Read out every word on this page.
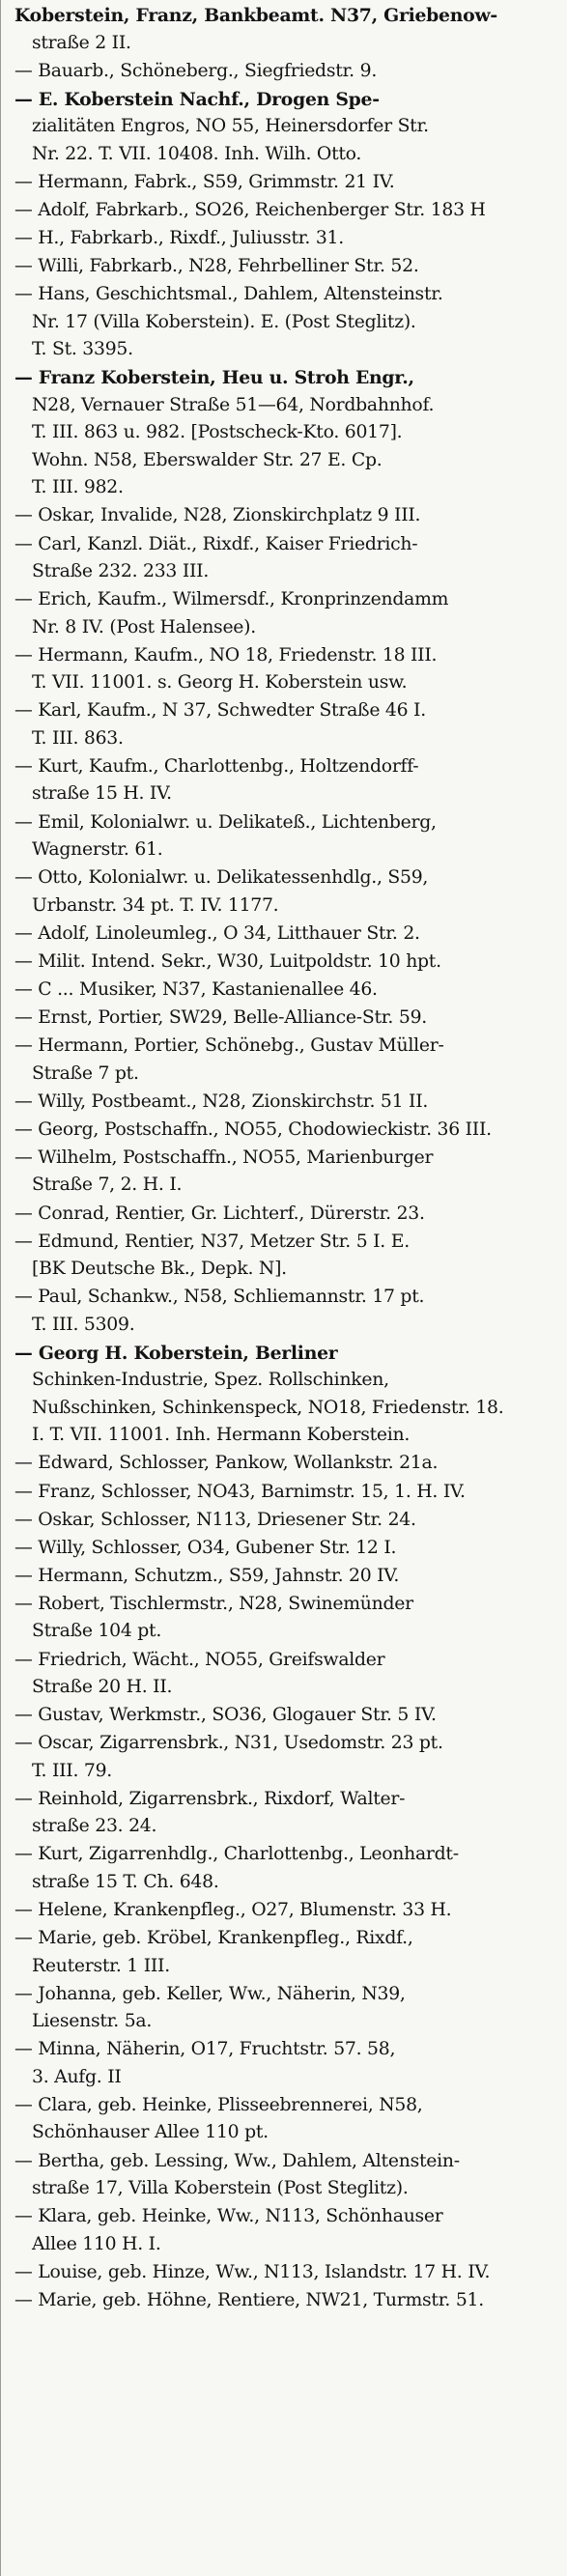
Koberstein, Franz, Bankbeamt. N37, Griebenow-
straße 2 II.
— Bauarb., Schöneberg., Siegfriedstr. 9.
— E. Koberstein Nachf., Drogen Spe-
zialitäten Engros, NO 55, Heinersdorfer Str.
Nr. 22. T. VII. 10408. Inh. Wilh. Otto.
— Hermann, Fabrk., S59, Grimmstr. 21 IV.
— Adolf, Fabrkarb., SO26, Reichenberger Str. 183 H
— H., Fabrkarb., Rixdf., Juliusstr. 31.
— Willi, Fabrkarb., N28, Fehrbelliner Str. 52.
— Hans, Geschichtsmal., Dahlem, Altensteinstr.
Nr. 17 (Villa Koberstein). E. (Post Steglitz).
T. St. 3395.
— Franz Koberstein, Heu u. Stroh Engr.,
N28, Vernauer Straße 51—64, Nordbahnhof.
T. III. 863 u. 982. [Postscheck-Kto. 6017].
Wohn. N58, Eberswalder Str. 27 E. Cp.
T. III. 982.
— Oskar, Invalide, N28, Zionskirchplatz 9 III.
— Carl, Kanzl. Diät., Rixdf., Kaiser Friedrich-
Straße 232. 233 III.
— Erich, Kaufm., Wilmersdf., Kronprinzendamm
Nr. 8 IV. (Post Halensee).
— Hermann, Kaufm., NO 18, Friedenstr. 18 III.
T. VII. 11001. s. Georg H. Koberstein usw.
— Karl, Kaufm., N 37, Schwedter Straße 46 I.
T. III. 863.
— Kurt, Kaufm., Charlottenbg., Holtzendorff-
straße 15 H. IV.
— Emil, Kolonialwr. u. Delikateß., Lichtenberg,
Wagnerstr. 61.
— Otto, Kolonialwr. u. Delikatessenhdlg., S59,
Urbanstr. 34 pt. T. IV. 1177.
— Adolf, Linoleumleg., O 34, Litthauer Str. 2.
— Milit. Intend. Sekr., W30, Luitpoldstr. 10 hpt.
— C ... Musiker, N37, Kastanienallee 46.
— Ernst, Portier, SW29, Belle-Alliance-Str. 59.
— Hermann, Portier, Schönebg., Gustav Müller-
Straße 7 pt.
— Willy, Postbeamt., N28, Zionskirchstr. 51 II.
— Georg, Postschaffn., NO55, Chodowieckistr. 36 III.
— Wilhelm, Postschaffn., NO55, Marienburger
Straße 7, 2. H. I.
— Conrad, Rentier, Gr. Lichterf., Dürerstr. 23.
— Edmund, Rentier, N37, Metzer Str. 5 I. E.
[BK Deutsche Bk., Depk. N].
— Paul, Schankw., N58, Schliemannstr. 17 pt.
T. III. 5309.
— Georg H. Koberstein, Berliner
Schinken-Industrie, Spez. Rollschinken,
Nußschinken, Schinkenspeck, NO18, Friedenstr. 18.
I. T. VII. 11001. Inh. Hermann Koberstein.
— Edward, Schlosser, Pankow, Wollankstr. 21a.
— Franz, Schlosser, NO43, Barnimstr. 15, 1. H. IV.
— Oskar, Schlosser, N113, Driesener Str. 24.
— Willy, Schlosser, O34, Gubener Str. 12 I.
— Hermann, Schutzm., S59, Jahnstr. 20 IV.
— Robert, Tischlermstr., N28, Swinemünder
Straße 104 pt.
— Friedrich, Wächt., NO55, Greifswalder
Straße 20 H. II.
— Gustav, Werkmstr., SO36, Glogauer Str. 5 IV.
— Oscar, Zigarrensbrk., N31, Usedomstr. 23 pt.
T. III. 79.
— Reinhold, Zigarrensbrk., Rixdorf, Walter-
straße 23. 24.
— Kurt, Zigarrenhdlg., Charlottenbg., Leonhardt-
straße 15 T. Ch. 648.
— Helene, Krankenpfleg., O27, Blumenstr. 33 H.
— Marie, geb. Kröbel, Krankenpfleg., Rixdf.,
Reuterstr. 1 III.
— Johanna, geb. Keller, Ww., Näherin, N39,
Liesenstr. 5a.
— Minna, Näherin, O17, Fruchtstr. 57. 58,
3. Aufg. II
— Clara, geb. Heinke, Plisseebrennerei, N58,
Schönhauser Allee 110 pt.
— Bertha, geb. Lessing, Ww., Dahlem, Altenstein-
straße 17, Villa Koberstein (Post Steglitz).
— Klara, geb. Heinke, Ww., N113, Schönhauser
Allee 110 H. I.
— Louise, geb. Hinze, Ww., N113, Islandstr. 17 H. IV.
— Marie, geb. Höhne, Rentiere, NW21, Turmstr. 51.
